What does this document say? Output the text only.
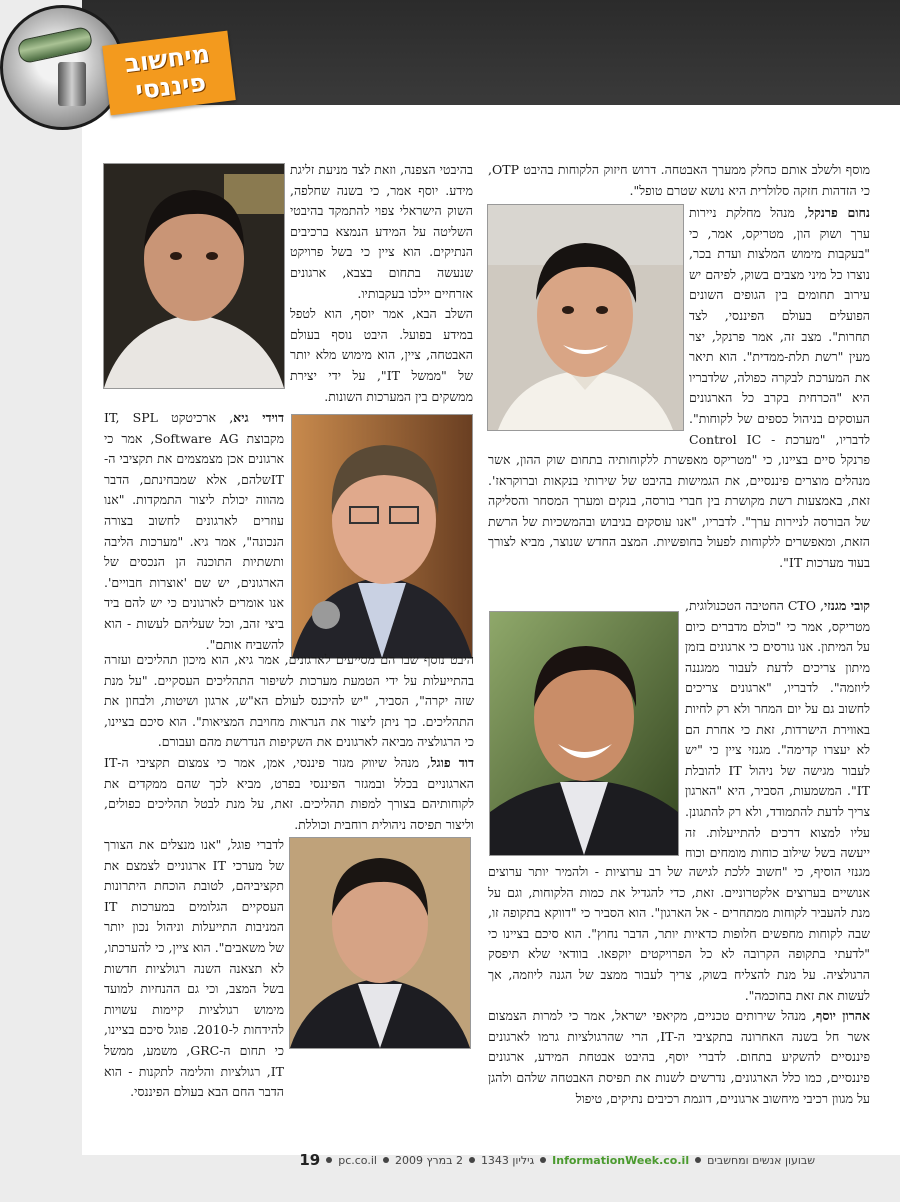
מיחשוב
פיננסי

מוסף ולשלב אותם כחלק ממערך האבטחה. דרוש חיזוק הלקוחות בהיבט OTP, כי הזדהות חזקה סלולרית היא נושא שטרם טופל".

נחום פרנקל, מנהל מחלקת ניירות ערך ושוק הון, מטריקס, אמר, כי "בעקבות מימוש המלצות ועדת בכר, נוצרו כל מיני מצבים בשוק, לפיהם יש עירוב תחומים בין הגופים השונים הפועלים בעולם הפיננסי, לצד תחרות". מצב זה, אמר פרנקל, יצר מעין "רשת תלת-ממדית". הוא תיאר את המערכת לבקרה כפולה, שלדבריו היא "הכרחית בקרב כל הארגונים העוסקים בניהול כספים של לקוחות". לדבריו, "מערכת Control IC -

פרנקל סיים בציינו, כי "מטריקס מאפשרת ללקוחותיה בתחום שוק ההון, אשר מנהלים מוצרים פיננסיים, את הגמישות בהיבט של שירותי בנקאות וברוקראז'. זאת, באמצעות רשת מקושרת בין חברי בורסה, בנקים ומערך המסחר והסליקה של הבורסה לניירות ערך". לדבריו, "אנו עוסקים בגיבוש ובהמשכיות של הרשת הזאת, ומאפשרים ללקוחות לפעול בחופשיות. המצב החדש שנוצר, מביא לצורך בעוד מערכות IT".

קובי מגנזי, CTO החטיבה הטכנולוגית, מטריקס, אמר כי "כולם מדברים כיום על המיתון. אנו גורסים כי ארגונים בזמן מיתון צריכים לדעת לעבור ממגננה ליוזמה". לדבריו, "ארגונים צריכים לחשוב גם על יום המחר ולא רק לחיות באווירת הישרדות, זאת כי אחרת הם לא יעצרו קדימה". מגנזי ציין כי "יש לעבור מגישה של ניהול IT להובלת IT". המשמעות, הסביר, היא "הארגון צריך לדעת להתמודד, ולא רק להתגונן. עליו למצוא דרכים להתייעלות. זה ייעשה בשל שילוב כוחות מומחים וכוח

מגנזי הוסיף, כי "חשוב ללכת לגישה של רב ערוציות - ולהמיר יותר ערוצים אנושיים בערוצים אלקטרוניים. זאת, כדי להגדיל את כמות הלקוחות, וגם על מנת להעביר לקוחות ממתחרים - אל הארגון". הוא הסביר כי "דווקא בתקופה זו, שבה לקוחות מחפשים חלופות כדאיות יותר, הדבר נחוץ". הוא סיכם בציינו כי "לדעתי בתקופה הקרובה לא כל הפרויקטים יוקפאו. בוודאי שלא תיפסק הרגולציה. על מנת להצליח בשוק, צריך לעבור ממצב של הגנה ליוזמה, אך לעשות את זאת בחוכמה".

אהרון יוסף, מנהל שירותים טכניים, מקיאפי ישראל, אמר כי למרות הצמצום אשר חל בשנה האחרונה בתקציבי ה-IT, הרי שהרגולציות גרמו לארגונים פיננסיים להשקיע בתחום. לדברי יוסף, בהיבט אבטחת המידע, ארגונים פיננסיים, כמו כלל הארגונים, נדרשים לשנות את תפיסת האבטחה שלהם ולהגן על מגוון רכיבי מיחשוב ארגוניים, דוגמת רכיבים נתיקים, טיפול

בהיבטי הצפנה, וזאת לצד מניעת זליגת מידע. יוסף אמר, כי בשנה שחלפה, השוק הישראלי צפוי להתמקד בהיבטי השליטה על המידע הנמצא ברכיבים הנתיקים. הוא ציין כי בשל פרויקט שנעשה בתחום בצבא, ארגונים אזרחיים יילכו בעקבותיו.

השלב הבא, אמר יוסף, הוא לטפל במידע בפועל. היבט נוסף בעולם האבטחה, ציין, הוא מימוש מלא יותר של "ממשל IT", על ידי יצירת ממשקים בין המערכות השונות.

דוידי גיא, ארכיטקט IT, SPL מקבוצת Software AG, אמר כי ארגונים אכן מצמצמים את תקציבי ה-ITשלהם, אלא שמבחינתם, הדבר מהווה יכולת ליצור התמקדות. "אנו עוזרים לארגונים לחשוב בצורה הנכונה", אמר גיא. "מערכות הליבה ותשתיות התוכנה הן הנכסים של הארגונים, יש שם 'אוצרות חבויים'. אנו אומרים לארגונים כי יש להם ביד ביצי זהב, וכל שעליהם לעשות - הוא להשביח אותם".

היבט נוסף שבו הם מסייעים לארגונים, אמר גיא, הוא מיכון תהליכים ועזרה בהתייעלות על ידי הטמעת מערכות לשיפור התהליכים העסקיים. "על מנת שזה יקרה", הסביר, "יש להיכנס לעולם הא"ש, ארגון ושיטות, ולבחון את התהליכים. כך ניתן ליצור את הנראות מחויבת המציאות". הוא סיכם בציינו, כי הרגולציה מביאה לארגונים את השקיפות הנדרשת מהם ועבורם.

דוד פוגל, מנהל שיווק מגזר פיננסי, אמן, אמר כי צמצום תקציבי ה-IT הארגוניים בכלל ובמגזר הפיננסי בפרט, מביא לכך שהם ממקדים את לקוחותיהם בצורך למפות תהליכים. זאת, על מנת לבטל תהליכים כפולים, וליצור תפיסה ניהולית רוחבית וכוללת.

לדברי פוגל, "אנו מנצלים את הצורך של מערכי IT ארגוניים לצמצם את תקציביהם, לטובת הוכחת היתרונות העסקיים הגלומים במערכות IT המניבות התייעלות וניהול נכון יותר של משאבים". הוא ציין, כי להערכתו, לא תצאנה השנה רגולציות חדשות בשל המצב, וכי גם ההנחיות למועד מימוש רגולציות קיימות עשויות להידחות ל-2010. פוגל סיכם בציינו, כי תחום ה-GRC, משמע, ממשל IT, רגולציות והלימה לתקנות - הוא הדבר החם הבא בעולם הפיננסי.

שבועון אנשים ומחשבים
InformationWeek.co.il
גיליון 1343
2 במרץ 2009
pc.co.il
19
